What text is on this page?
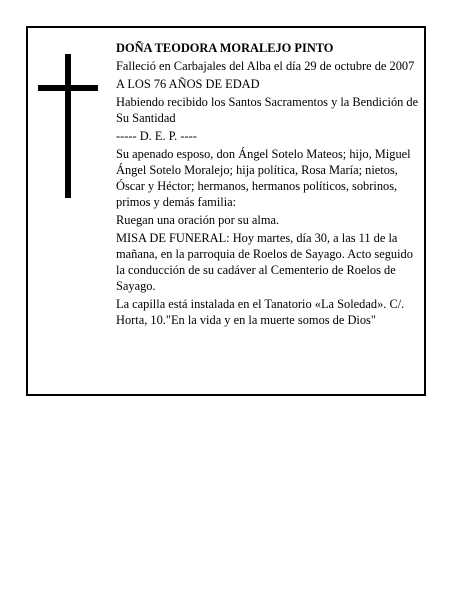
DOÑA TEODORA MORALEJO PINTO

Falleció en Carbajales del Alba el día 29 de octubre de 2007

A LOS 76 AÑOS DE EDAD

Habiendo recibido los Santos Sacramentos y la Bendición de Su Santidad

----- D. E. P. ----

Su apenado esposo, don Ángel Sotelo Mateos; hijo, Miguel Ángel Sotelo Moralejo; hija política, Rosa María; nietos, Óscar y Héctor; hermanos, hermanos políticos, sobrinos, primos y demás familia:

Ruegan una oración por su alma.

MISA DE FUNERAL: Hoy martes, día 30, a las 11 de la mañana, en la parroquia de Roelos de Sayago. Acto seguido la conducción de su cadáver al Cementerio de Roelos de Sayago.

La capilla está instalada en el Tanatorio «La Soledad». C/. Horta, 10."En la vida y en la muerte somos de Dios"
